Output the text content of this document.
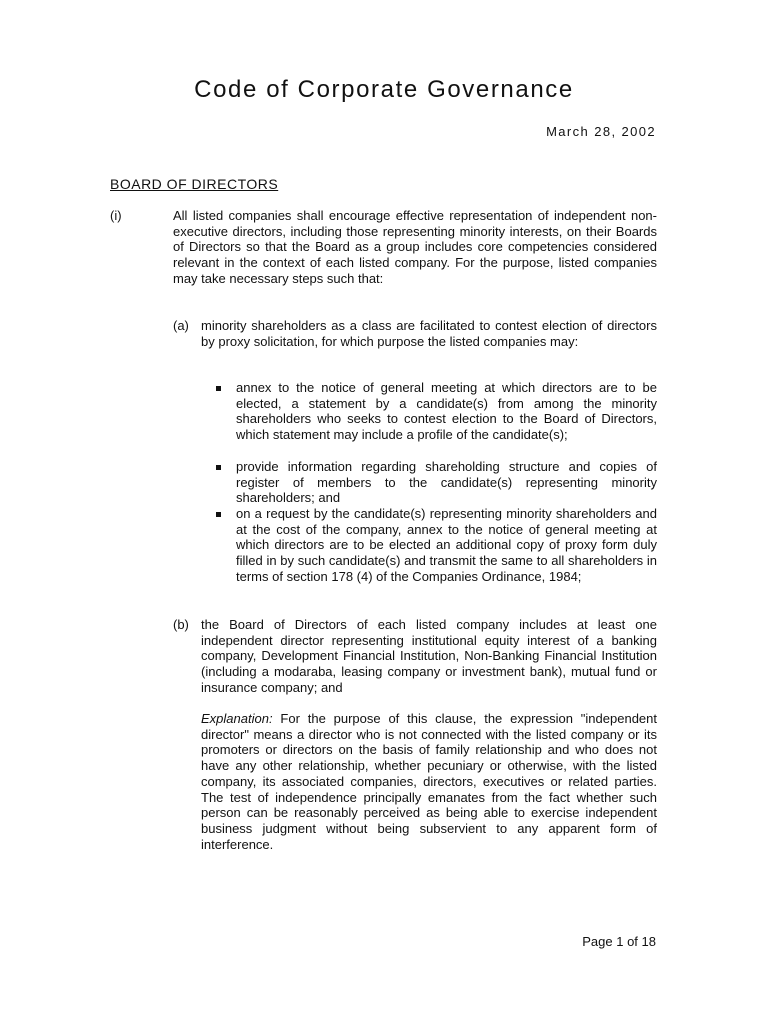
Code of Corporate Governance
March 28, 2002
BOARD OF DIRECTORS
(i)	All listed companies shall encourage effective representation of independent non-executive directors, including those representing minority interests, on their Boards of Directors so that the Board as a group includes core competencies considered relevant in the context of each listed company. For the purpose, listed companies may take necessary steps such that:
(a) minority shareholders as a class are facilitated to contest election of directors by proxy solicitation, for which purpose the listed companies may:
annex to the notice of general meeting at which directors are to be elected, a statement by a candidate(s) from among the minority shareholders who seeks to contest election to the Board of Directors, which statement may include a profile of the candidate(s);
provide information regarding shareholding structure and copies of register of members to the candidate(s) representing minority shareholders; and
on a request by the candidate(s) representing minority shareholders and at the cost of the company, annex to the notice of general meeting at which directors are to be elected an additional copy of proxy form duly filled in by such candidate(s) and transmit the same to all shareholders in terms of section 178 (4) of the Companies Ordinance, 1984;
(b) the Board of Directors of each listed company includes at least one independent director representing institutional equity interest of a banking company, Development Financial Institution, Non-Banking Financial Institution (including a modaraba, leasing company or investment bank), mutual fund or insurance company; and
Explanation: For the purpose of this clause, the expression "independent director" means a director who is not connected with the listed company or its promoters or directors on the basis of family relationship and who does not have any other relationship, whether pecuniary or otherwise, with the listed company, its associated companies, directors, executives or related parties. The test of independence principally emanates from the fact whether such person can be reasonably perceived as being able to exercise independent business judgment without being subservient to any apparent form of interference.
Page 1 of 18
